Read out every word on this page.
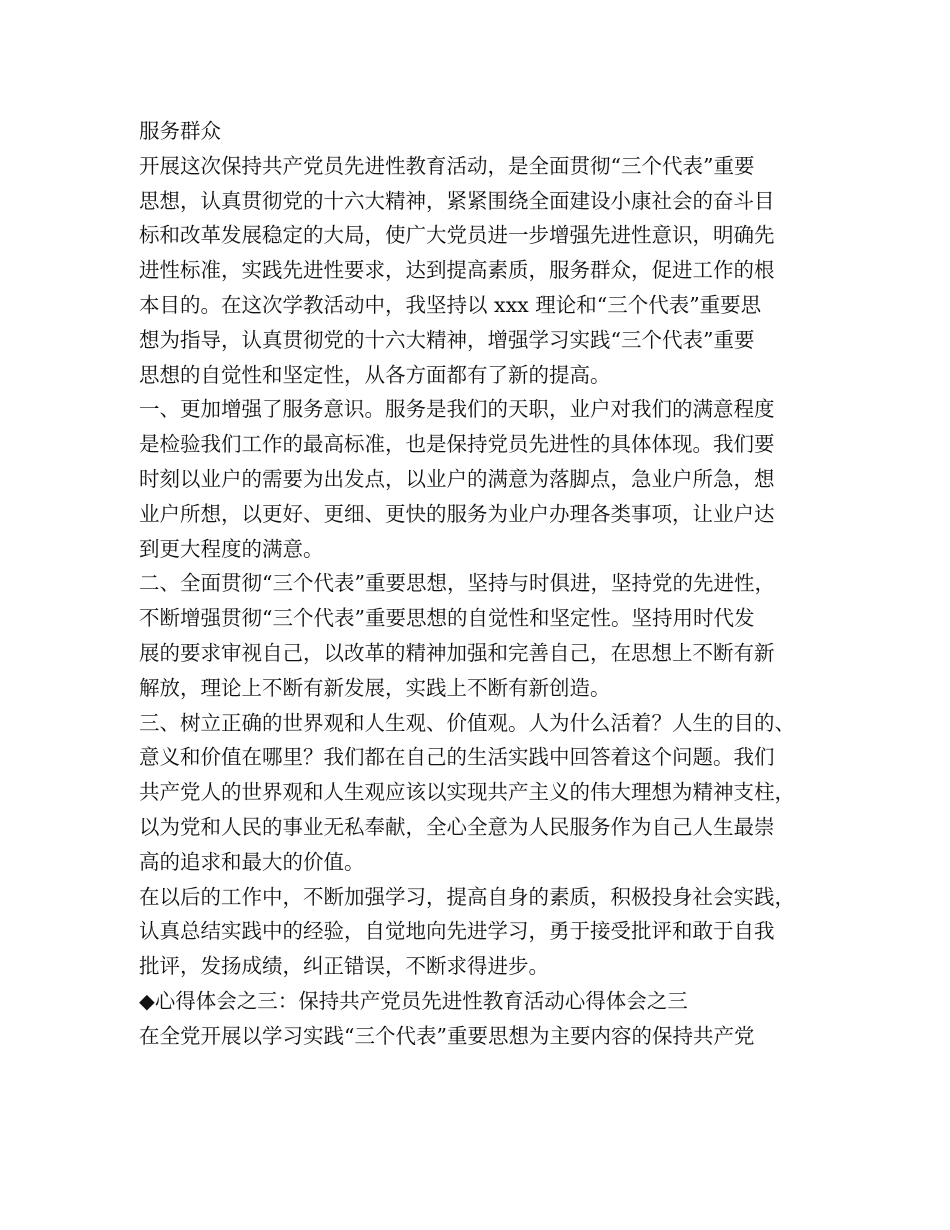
服务群众
开展这次保持共产党员先进性教育活动，是全面贯彻“三个代表”重要
思想，认真贯彻党的十六大精神，紧紧围绕全面建设小康社会的奋斗目
标和改革发展稳定的大局，使广大党员进一步增强先进性意识，明确先
进性标准，实践先进性要求，达到提高素质，服务群众，促进工作的根
本目的。在这次学教活动中，我坚持以 xxx 理论和“三个代表”重要思
想为指导，认真贯彻党的十六大精神，增强学习实践“三个代表”重要
思想的自觉性和坚定性，从各方面都有了新的提高。
一、更加增强了服务意识。服务是我们的天职，业户对我们的满意程度
是检验我们工作的最高标准，也是保持党员先进性的具体体现。我们要
时刻以业户的需要为出发点，以业户的满意为落脚点，急业户所急，想
业户所想，以更好、更细、更快的服务为业户办理各类事项，让业户达
到更大程度的满意。
二、全面贯彻“三个代表”重要思想，坚持与时俱进，坚持党的先进性，
不断增强贯彻“三个代表”重要思想的自觉性和坚定性。坚持用时代发
展的要求审视自己，以改革的精神加强和完善自己，在思想上不断有新
解放，理论上不断有新发展，实践上不断有新创造。
三、树立正确的世界观和人生观、价值观。人为什么活着？人生的目的、
意义和价值在哪里？我们都在自己的生活实践中回答着这个问题。我们
共产党人的世界观和人生观应该以实现共产主义的伟大理想为精神支柱，
以为党和人民的事业无私奉献，全心全意为人民服务作为自己人生最崇
高的追求和最大的价值。
在以后的工作中，不断加强学习，提高自身的素质，积极投身社会实践，
认真总结实践中的经验，自觉地向先进学习，勇于接受批评和敢于自我
批评，发扬成绩，纠正错误，不断求得进步。
◆心得体会之三：保持共产党员先进性教育活动心得体会之三
在全党开展以学习实践“三个代表”重要思想为主要内容的保持共产党
